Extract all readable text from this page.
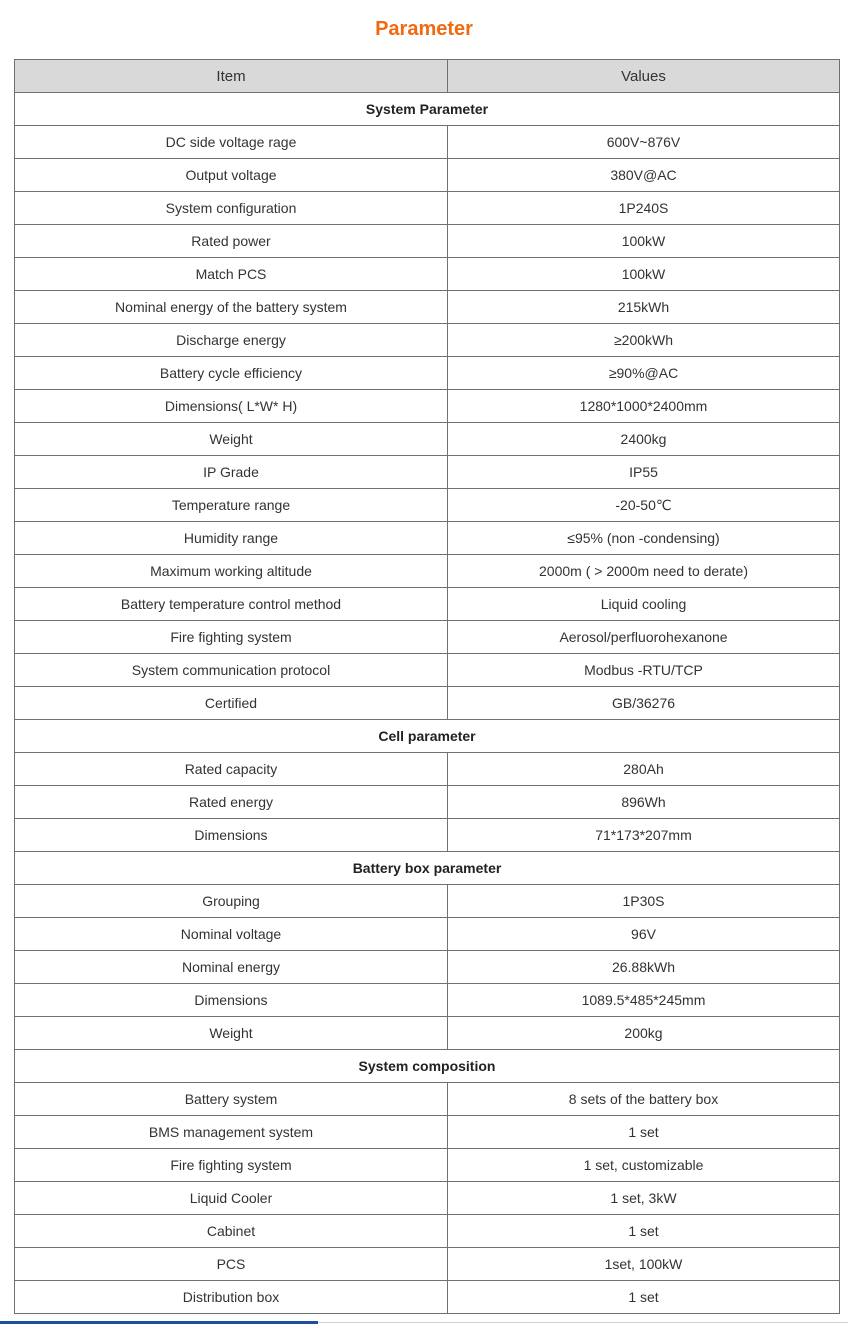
Parameter
Item	Values
System Parameter	
DC side voltage rage	600V~876V
Output voltage	380V@AC
System configuration	1P240S
Rated power	100kW
Match PCS	100kW
Nominal energy of the battery system	215kWh
Discharge energy	≥200kWh
Battery cycle efficiency	≥90%@AC
Dimensions( L*W* H)	1280*1000*2400mm
Weight	2400kg
IP Grade	IP55
Temperature range	-20-50℃
Humidity range	≤95% (non -condensing)
Maximum working altitude	2000m ( > 2000m need to derate)
Battery temperature control method	Liquid cooling
Fire fighting system	Aerosol/perfluorohexanone
System communication protocol	Modbus -RTU/TCP
Certified	GB/36276
Cell parameter	
Rated capacity	280Ah
Rated energy	896Wh
Dimensions	71*173*207mm
Battery box parameter	
Grouping	1P30S
Nominal voltage	96V
Nominal energy	26.88kWh
Dimensions	1089.5*485*245mm
Weight	200kg
System composition	
Battery system	8 sets of the battery box
BMS management system	1 set
Fire fighting system	1 set, customizable
Liquid Cooler	1 set, 3kW
Cabinet	1 set
PCS	1set, 100kW
Distribution box	1 set
